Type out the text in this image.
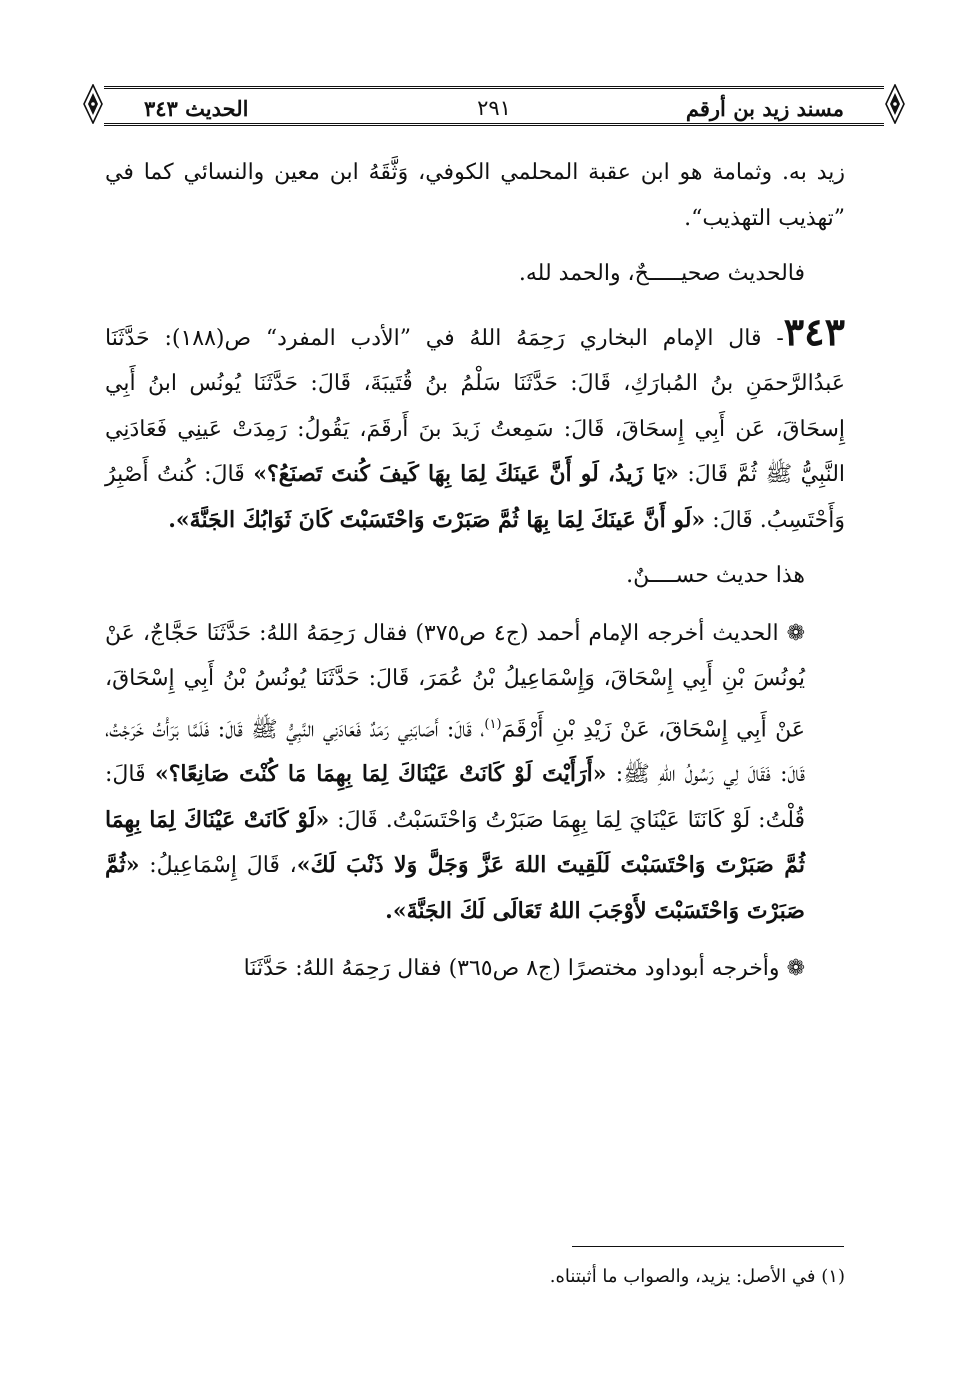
مسند زيد بن أرقم
٢٩١
الحديث ٣٤٣

زيد به. وثمامة هو ابن عقبة المحلمي الكوفي، وَثَّقَهُ ابن معين والنسائي كما في ”تهذيب التهذيب“.

فالحديث صحيـــــحٌ، والحمد لله.

٣٤٣- قال الإمام البخاري رَحِمَهُ اللهُ في ”الأدب المفرد“ ص(١٨٨): حَدَّثَنَا عَبدُالرَّحمَنِ بنُ المُبارَكِ، قَالَ: حَدَّثَنَا سَلْمُ بنُ قُتَيبَةَ، قَالَ: حَدَّثَنَا يُونُس ابنُ أَبِي إِسحَاقَ، عَن أَبِي إِسحَاقَ، قَالَ: سَمِعتُ زَيدَ بنَ أَرقَمَ، يَقُولُ: رَمِدَتْ عَينِي فَعَادَنِي النَّبِيُّ ﷺ ثُمَّ قَالَ: «يَا زَيدُ، لَو أَنَّ عَينَكَ لِمَا بِهَا كَيفَ كُنتَ تَصنَعُ؟» قَالَ: كُنتُ أَصْبِرُ وَأَحْتَسِبُ. قَالَ: «لَو أَنَّ عَينَكَ لِمَا بِهَا ثُمَّ صَبَرْتَ وَاحْتَسَبْتَ كَانَ ثَوَابُكَ الجَنَّةَ».

هذا حديث حســــنٌ.

❁ الحديث أخرجه الإمام أحمد (ج٤ ص٣٧٥) فقال رَحِمَهُ اللهُ: حَدَّثَنَا حَجَّاجٌ، عَنْ يُونُسَ بْنِ أَبِي إِسْحَاقَ، وَإِسْمَاعِيلُ بْنُ عُمَرَ، قَالَ: حَدَّثَنَا يُونُسُ بْنُ أَبِي إِسْحَاقَ، عَنْ أَبِي إِسْحَاقَ، عَنْ زَيْدِ بْنِ أَرْقَمَ$^{(١)}$، قَالَ: أَصَابَنِي رَمَدٌ فَعَادَنِي النَّبِيُّ ﷺ قَالَ: فَلَمَّا بَرَأْتُ خَرَجْتُ، قَالَ: فَقَالَ لِي رَسُولُ اللهِ ﷺ: «أَرَأَيْتَ لَوْ كَانَتْ عَيْنَاكَ لِمَا بِهِمَا مَا كُنْتَ صَانِعًا؟» قَالَ: قُلْتُ: لَوْ كَانَتَا عَيْنَايَ لِمَا بِهِمَا صَبَرْتُ وَاحْتَسَبْتُ. قَالَ: «لَوْ كَانَتْ عَيْنَاكَ لِمَا بِهِمَا ثُمَّ صَبَرْتَ وَاحْتَسَبْتَ لَلَقِيتَ اللهَ عَزَّ وَجَلَّ وَلا ذَنْبَ لَكَ»، قَالَ إِسْمَاعِيلُ: «ثُمَّ صَبَرْتَ وَاحْتَسَبْتَ لأَوْجَبَ اللهُ تَعَالَى لَكَ الجَنَّةَ».

❁ وأخرجه أبوداود مختصرًا (ج٨ ص٣٦٥) فقال رَحِمَهُ اللهُ: حَدَّثَنَا

(١) في الأصل: يزيد، والصواب ما أثبتناه.
